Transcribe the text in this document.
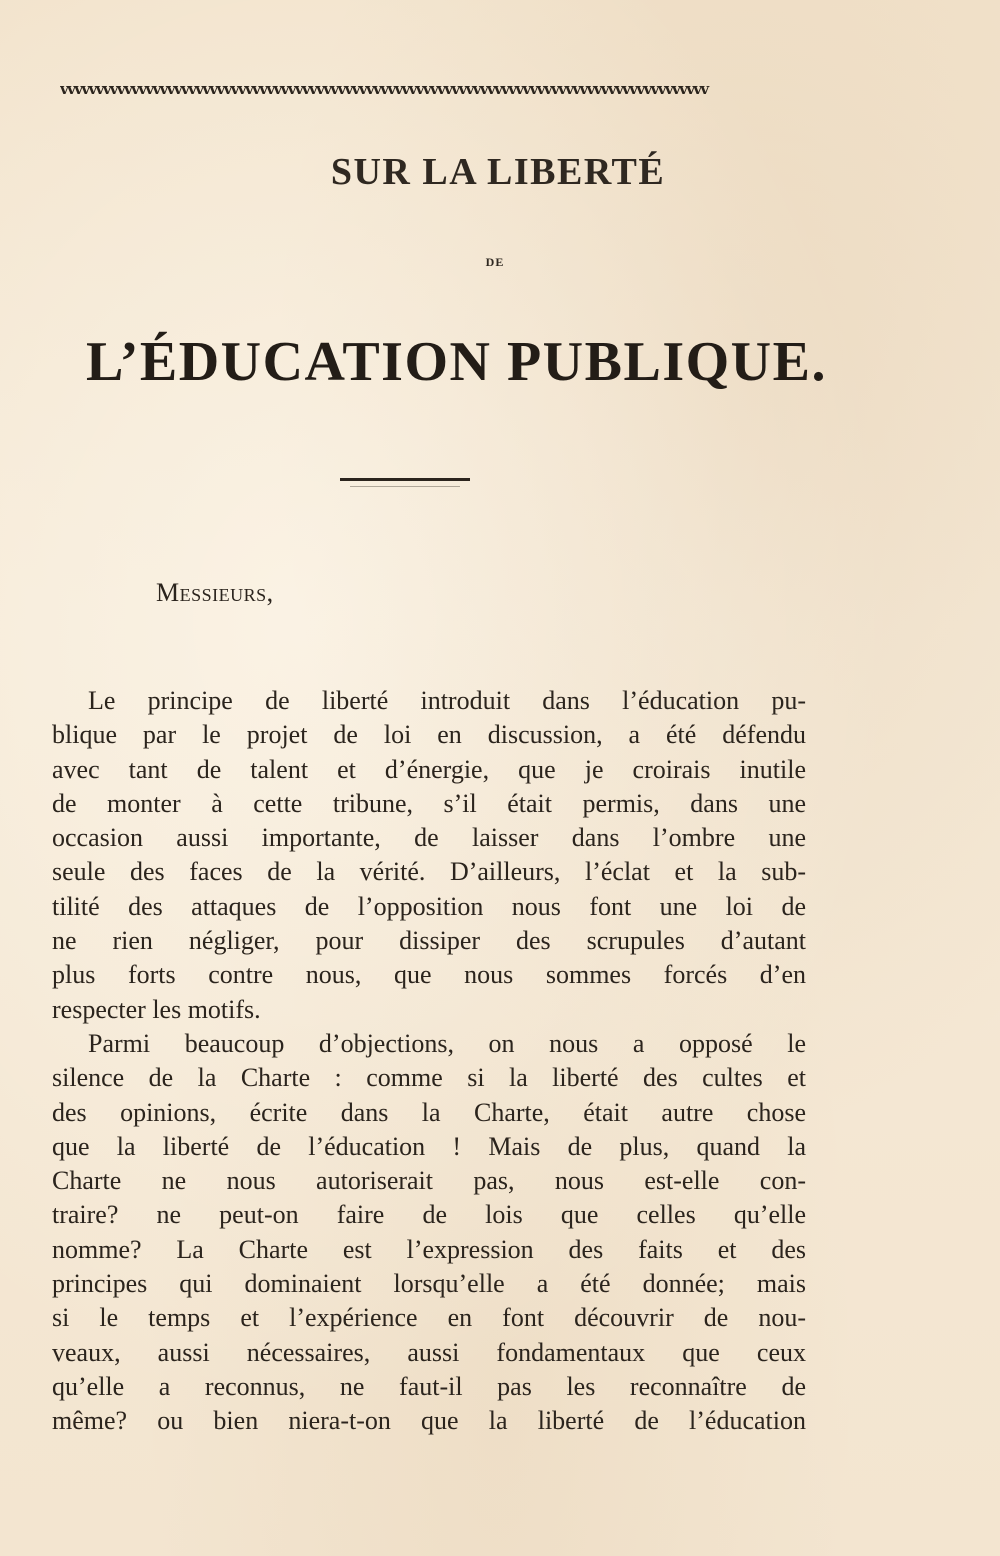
vvvvvvvvvvvvvvvvvvvvvvvvvvvvvvvvvvvvvvvvvvvvvvvvvvvvvvvvvvvvvvvvvvvvvvvvvvvvvvvvvvvvvvvvvvv
SUR LA LIBERTÉ
DE
L’ÉDUCATION PUBLIQUE.
Messieurs,
Le principe de liberté introduit dans l’éducation pu-
blique par le projet de loi en discussion, a été défendu
avec tant de talent et d’énergie, que je croirais inutile
de monter à cette tribune, s’il était permis, dans une
occasion aussi importante, de laisser dans l’ombre une
seule des faces de la vérité. D’ailleurs, l’éclat et la sub-
tilité des attaques de l’opposition nous font une loi de
ne rien négliger, pour dissiper des scrupules d’autant
plus forts contre nous, que nous sommes forcés d’en
respecter les motifs.
Parmi beaucoup d’objections, on nous a opposé le
silence de la Charte : comme si la liberté des cultes et
des opinions, écrite dans la Charte, était autre chose
que la liberté de l’éducation ! Mais de plus, quand la
Charte ne nous autoriserait pas, nous est-elle con-
traire? ne peut-on faire de lois que celles qu’elle
nomme? La Charte est l’expression des faits et des
principes qui dominaient lorsqu’elle a été donnée; mais
si le temps et l’expérience en font découvrir de nou-
veaux, aussi nécessaires, aussi fondamentaux que ceux
qu’elle a reconnus, ne faut-il pas les reconnaître de
même? ou bien niera-t-on que la liberté de l’éducation
